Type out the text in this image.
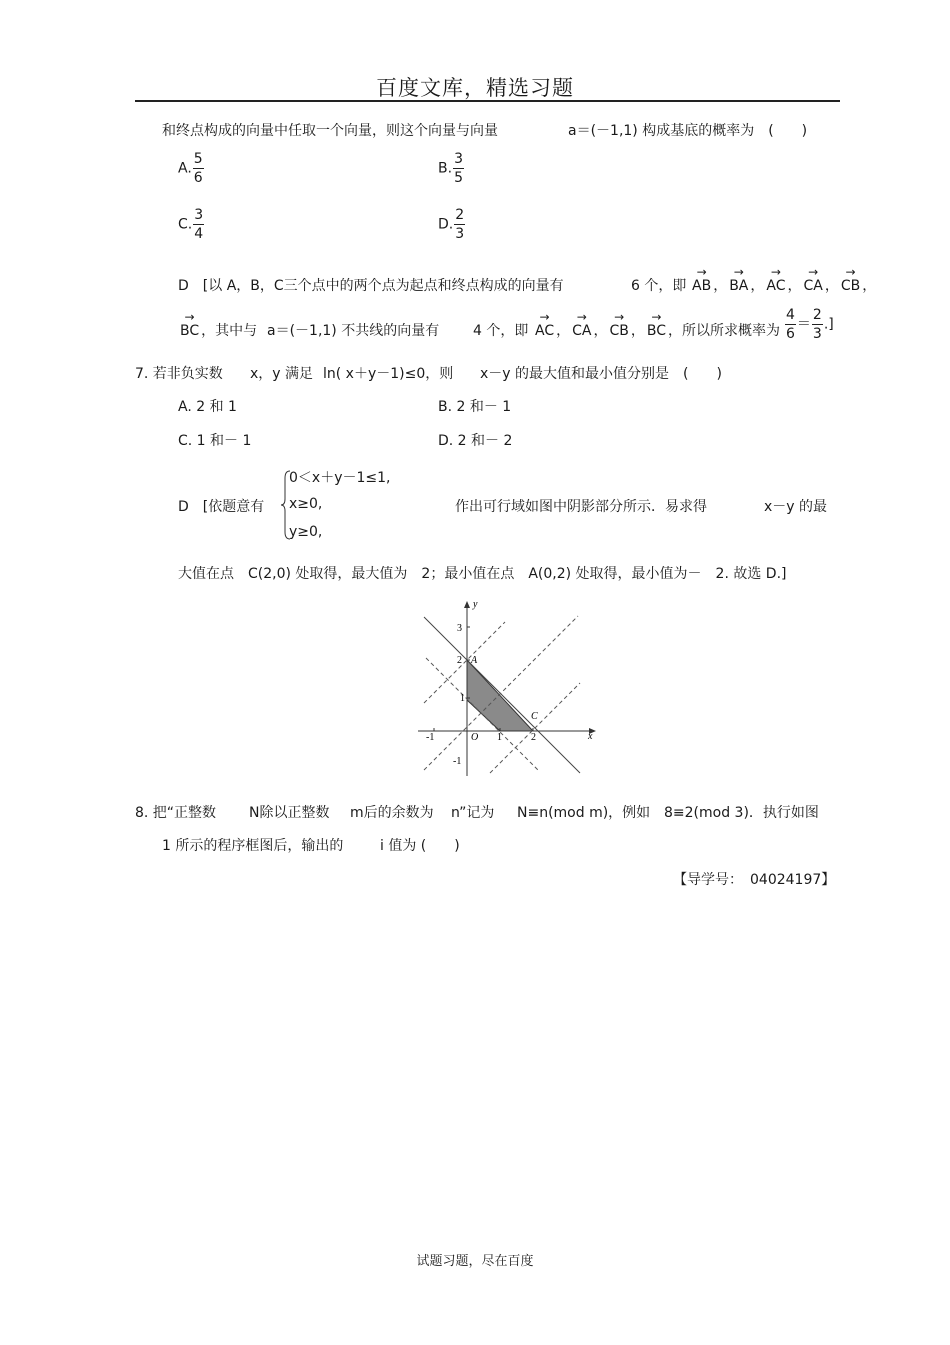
百度文库，精选习题
和终点构成的向量中任取一个向量，则这个向量与向量	a＝(－1,1) 构成基底的概率为　(　　)
A. $\frac{5}{6}$	B. $\frac{3}{5}$
C. $\frac{3}{4}$	D. $\frac{2}{3}$
D　[以 A，B，C三个点中的两个点为起点和终点构成的向量有	6 个，即 → AB ， → BA ， → AC ， → CA ， → CB ，
→ BC ，其中与 a＝(－1,1) 不共线的向量有 4 个，即 → AC ， → CA ， → CB ， → BC ，所以所求概率为 $\frac{4}{6} = \frac{2}{3}$ .]
7. 若非负实数 x，y 满足 ln( x＋y－1)≤0，则 x－y 的最大值和最小值分别是　(　　)
A. 2 和 1	B. 2 和－ 1
C. 1 和－ 1	D. 2 和－ 2
D　[依题意有
0＜x＋y－1≤1,
x≥0,
y≥0,
作出可行域如图中阴影部分所示．易求得	x－y 的最
大值在点　C(2,0) 处取得，最大值为　2；最小值在点　A(0,2) 处取得，最小值为－　2. 故选 D.]
x
y
-1	O 1	2
3
2
1
-1
A
C
8. 把“正整数 N除以正整数 m后的余数为 n”记为 N≡n(mod m)，例如 8≡2(mod 3)．执行如图
1 所示的程序框图后，输出的	i 值为 (　　)
【导学号：　04024197】
试题习题，尽在百度
